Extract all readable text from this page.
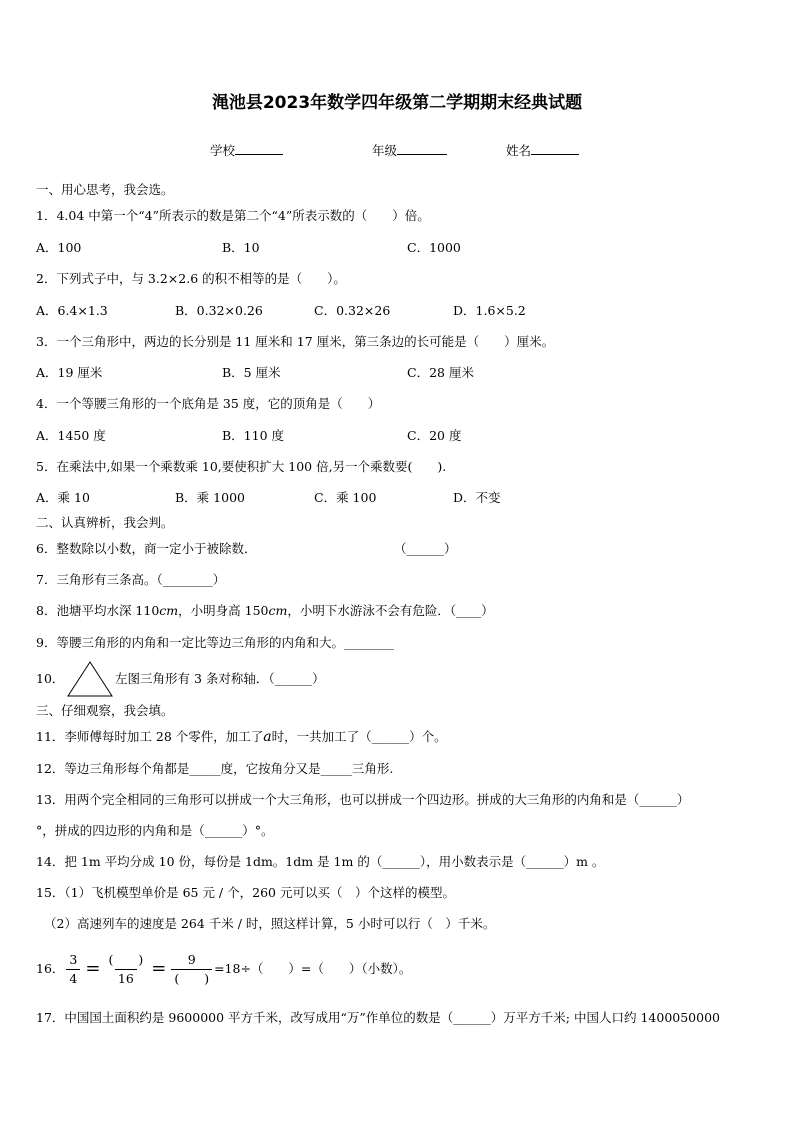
渑池县2023年数学四年级第二学期期末经典试题
学校	年级	姓名
一、用心思考，我会选。
1．4.04 中第一个“4”所表示的数是第二个“4”所表示数的（　　）倍。
A．100	B．10	C．1000
2．下列式子中，与 3.2×2.6 的积不相等的是（　　）。
A．6.4×1.3	B．0.32×0.26	C．0.32×26	D．1.6×5.2
3．一个三角形中，两边的长分别是 11 厘米和 17 厘米，第三条边的长可能是（　　）厘米。
A．19 厘米	B．5 厘米	C．28 厘米
4．一个等腰三角形的一个底角是 35 度，它的顶角是（　　）
A．1450 度	B．110 度	C．20 度
5．在乘法中,如果一个乘数乘 10,要使积扩大 100 倍,另一个乘数要(　　).
A．乘 10	B．乘 1000	C．乘 100	D．不变
二、认真辨析，我会判。
6．整数除以小数，商一定小于被除数．	（______）
7．三角形有三条高。（________）
8．池塘平均水深 110cm，小明身高 150cm，小明下水游泳不会有危险．（____）
9．等腰三角形的内角和一定比等边三角形的内角和大。________
10．	左图三角形有 3 条对称轴．（______）
三、仔细观察，我会填。
11．李师傅每时加工 28 个零件，加工了a时，一共加工了（______）个。
12．等边三角形每个角都是_____度，它按角分又是_____三角形.
13．用两个完全相同的三角形可以拼成一个大三角形，也可以拼成一个四边形。拼成的大三角形的内角和是（______）
°，拼成的四边形的内角和是（______）°。
14．把 1m 平均分成 10 份，每份是 1dm。1dm 是 1m 的（______），用小数表示是（______）m 。
15．（1）飞机模型单价是 65 元 / 个，260 元可以买（　）个这样的模型。
（2）高速列车的速度是 264 千米 / 时，照这样计算，5 小时可以行（　）千米。
16． $\frac{3}{4} = \frac{( )}{16} = \frac{9}{( )} =18\div$（　　）=（　　）（小数）。
17．中国国土面积约是 9600000 平方千米，改写成用“万”作单位的数是（______）万平方千米; 中国人口约 1400050000
